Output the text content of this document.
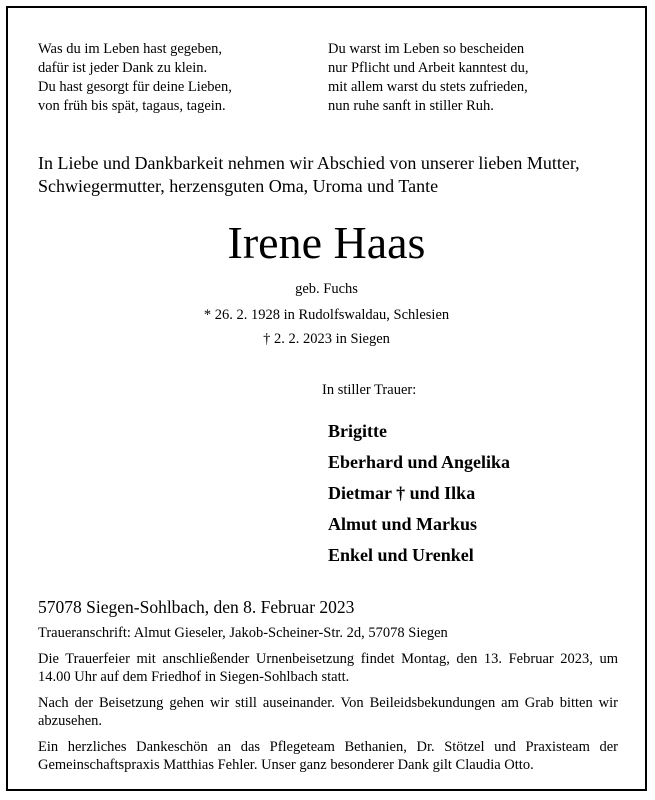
Was du im Leben hast gegeben,
dafür ist jeder Dank zu klein.
Du hast gesorgt für deine Lieben,
von früh bis spät, tagaus, tagein.
Du warst im Leben so bescheiden
nur Pflicht und Arbeit kanntest du,
mit allem warst du stets zufrieden,
nun ruhe sanft in stiller Ruh.
In Liebe und Dankbarkeit nehmen wir Abschied von unserer lieben Mutter,
Schwiegermutter, herzensguten Oma, Uroma und Tante
Irene Haas
geb. Fuchs
* 26. 2. 1928 in Rudolfswaldau, Schlesien
† 2. 2. 2023 in Siegen
In stiller Trauer:
Brigitte
Eberhard und Angelika
Dietmar † und Ilka
Almut und Markus
Enkel und Urenkel
57078 Siegen-Sohlbach, den 8. Februar 2023

Traueranschrift: Almut Gieseler, Jakob-Scheiner-Str. 2d, 57078 Siegen

Die Trauerfeier mit anschließender Urnenbeisetzung findet Montag, den 13. Februar 2023, um 14.00 Uhr auf dem Friedhof in Siegen-Sohlbach statt.

Nach der Beisetzung gehen wir still auseinander. Von Beileidsbekundungen am Grab bitten wir abzusehen.

Ein herzliches Dankeschön an das Pflegeteam Bethanien, Dr. Stötzel und Praxisteam der Gemeinschaftspraxis Matthias Fehler. Unser ganz besonderer Dank gilt Claudia Otto.
